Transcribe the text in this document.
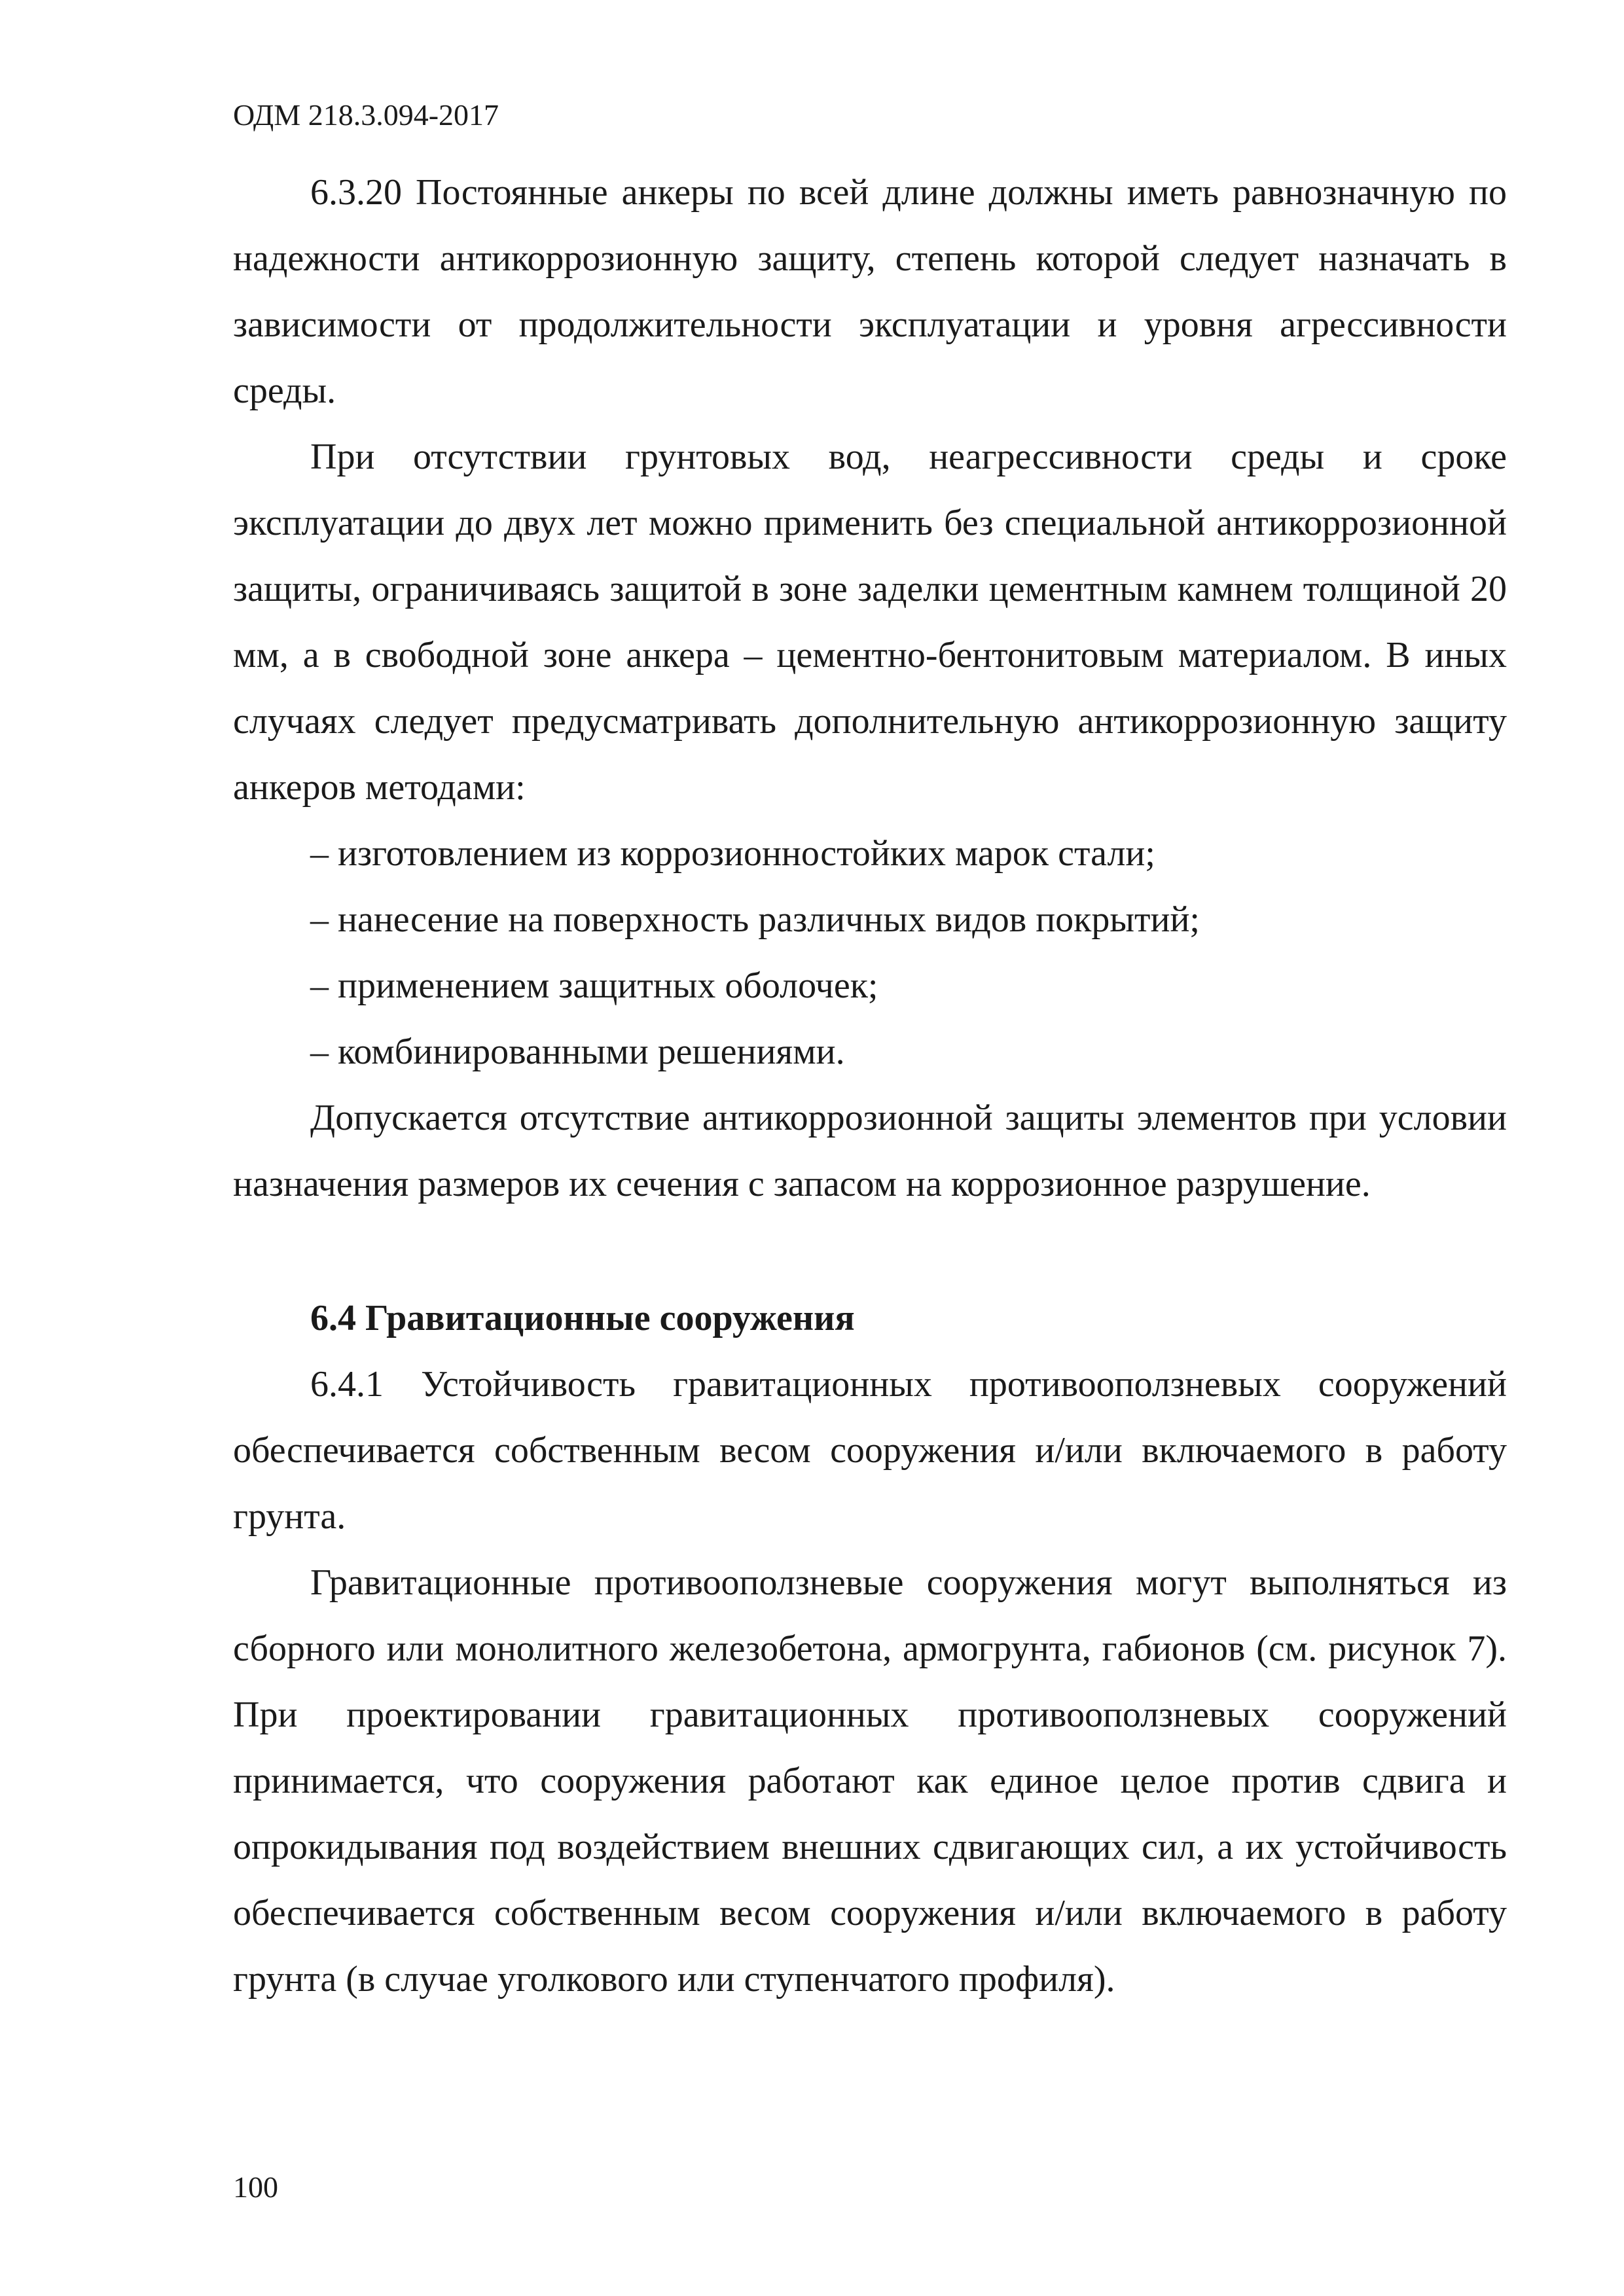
ОДМ 218.3.094-2017

6.3.20 Постоянные анкеры по всей длине должны иметь равнозначную по надежности антикоррозионную защиту, степень которой следует назначать в зависимости от продолжительности эксплуатации и уровня агрессивности среды.

При отсутствии грунтовых вод, неагрессивности среды и сроке эксплуатации до двух лет можно применить без специальной антикоррозионной защиты, ограничиваясь защитой в зоне заделки цементным камнем толщиной 20 мм, а в свободной зоне анкера – цементно-бентонитовым материалом. В иных случаях следует предусматривать дополнительную антикоррозионную защиту анкеров методами:

– изготовлением из коррозионностойких марок стали;

– нанесение на поверхность различных видов покрытий;

– применением защитных оболочек;

– комбинированными решениями.

Допускается отсутствие антикоррозионной защиты элементов при условии назначения размеров их сечения с запасом на коррозионное разрушение.

6.4 Гравитационные сооружения

6.4.1 Устойчивость гравитационных противооползневых сооружений обеспечивается собственным весом сооружения и/или включаемого в работу грунта.

Гравитационные противооползневые сооружения могут выполняться из сборного или монолитного железобетона, армогрунта, габионов (см. рисунок 7). При проектировании гравитационных противооползневых сооружений принимается, что сооружения работают как единое целое против сдвига и опрокидывания под воздействием внешних сдвигающих сил, а их устойчивость обеспечивается собственным весом сооружения и/или включаемого в работу грунта (в случае уголкового или ступенчатого профиля).

100
